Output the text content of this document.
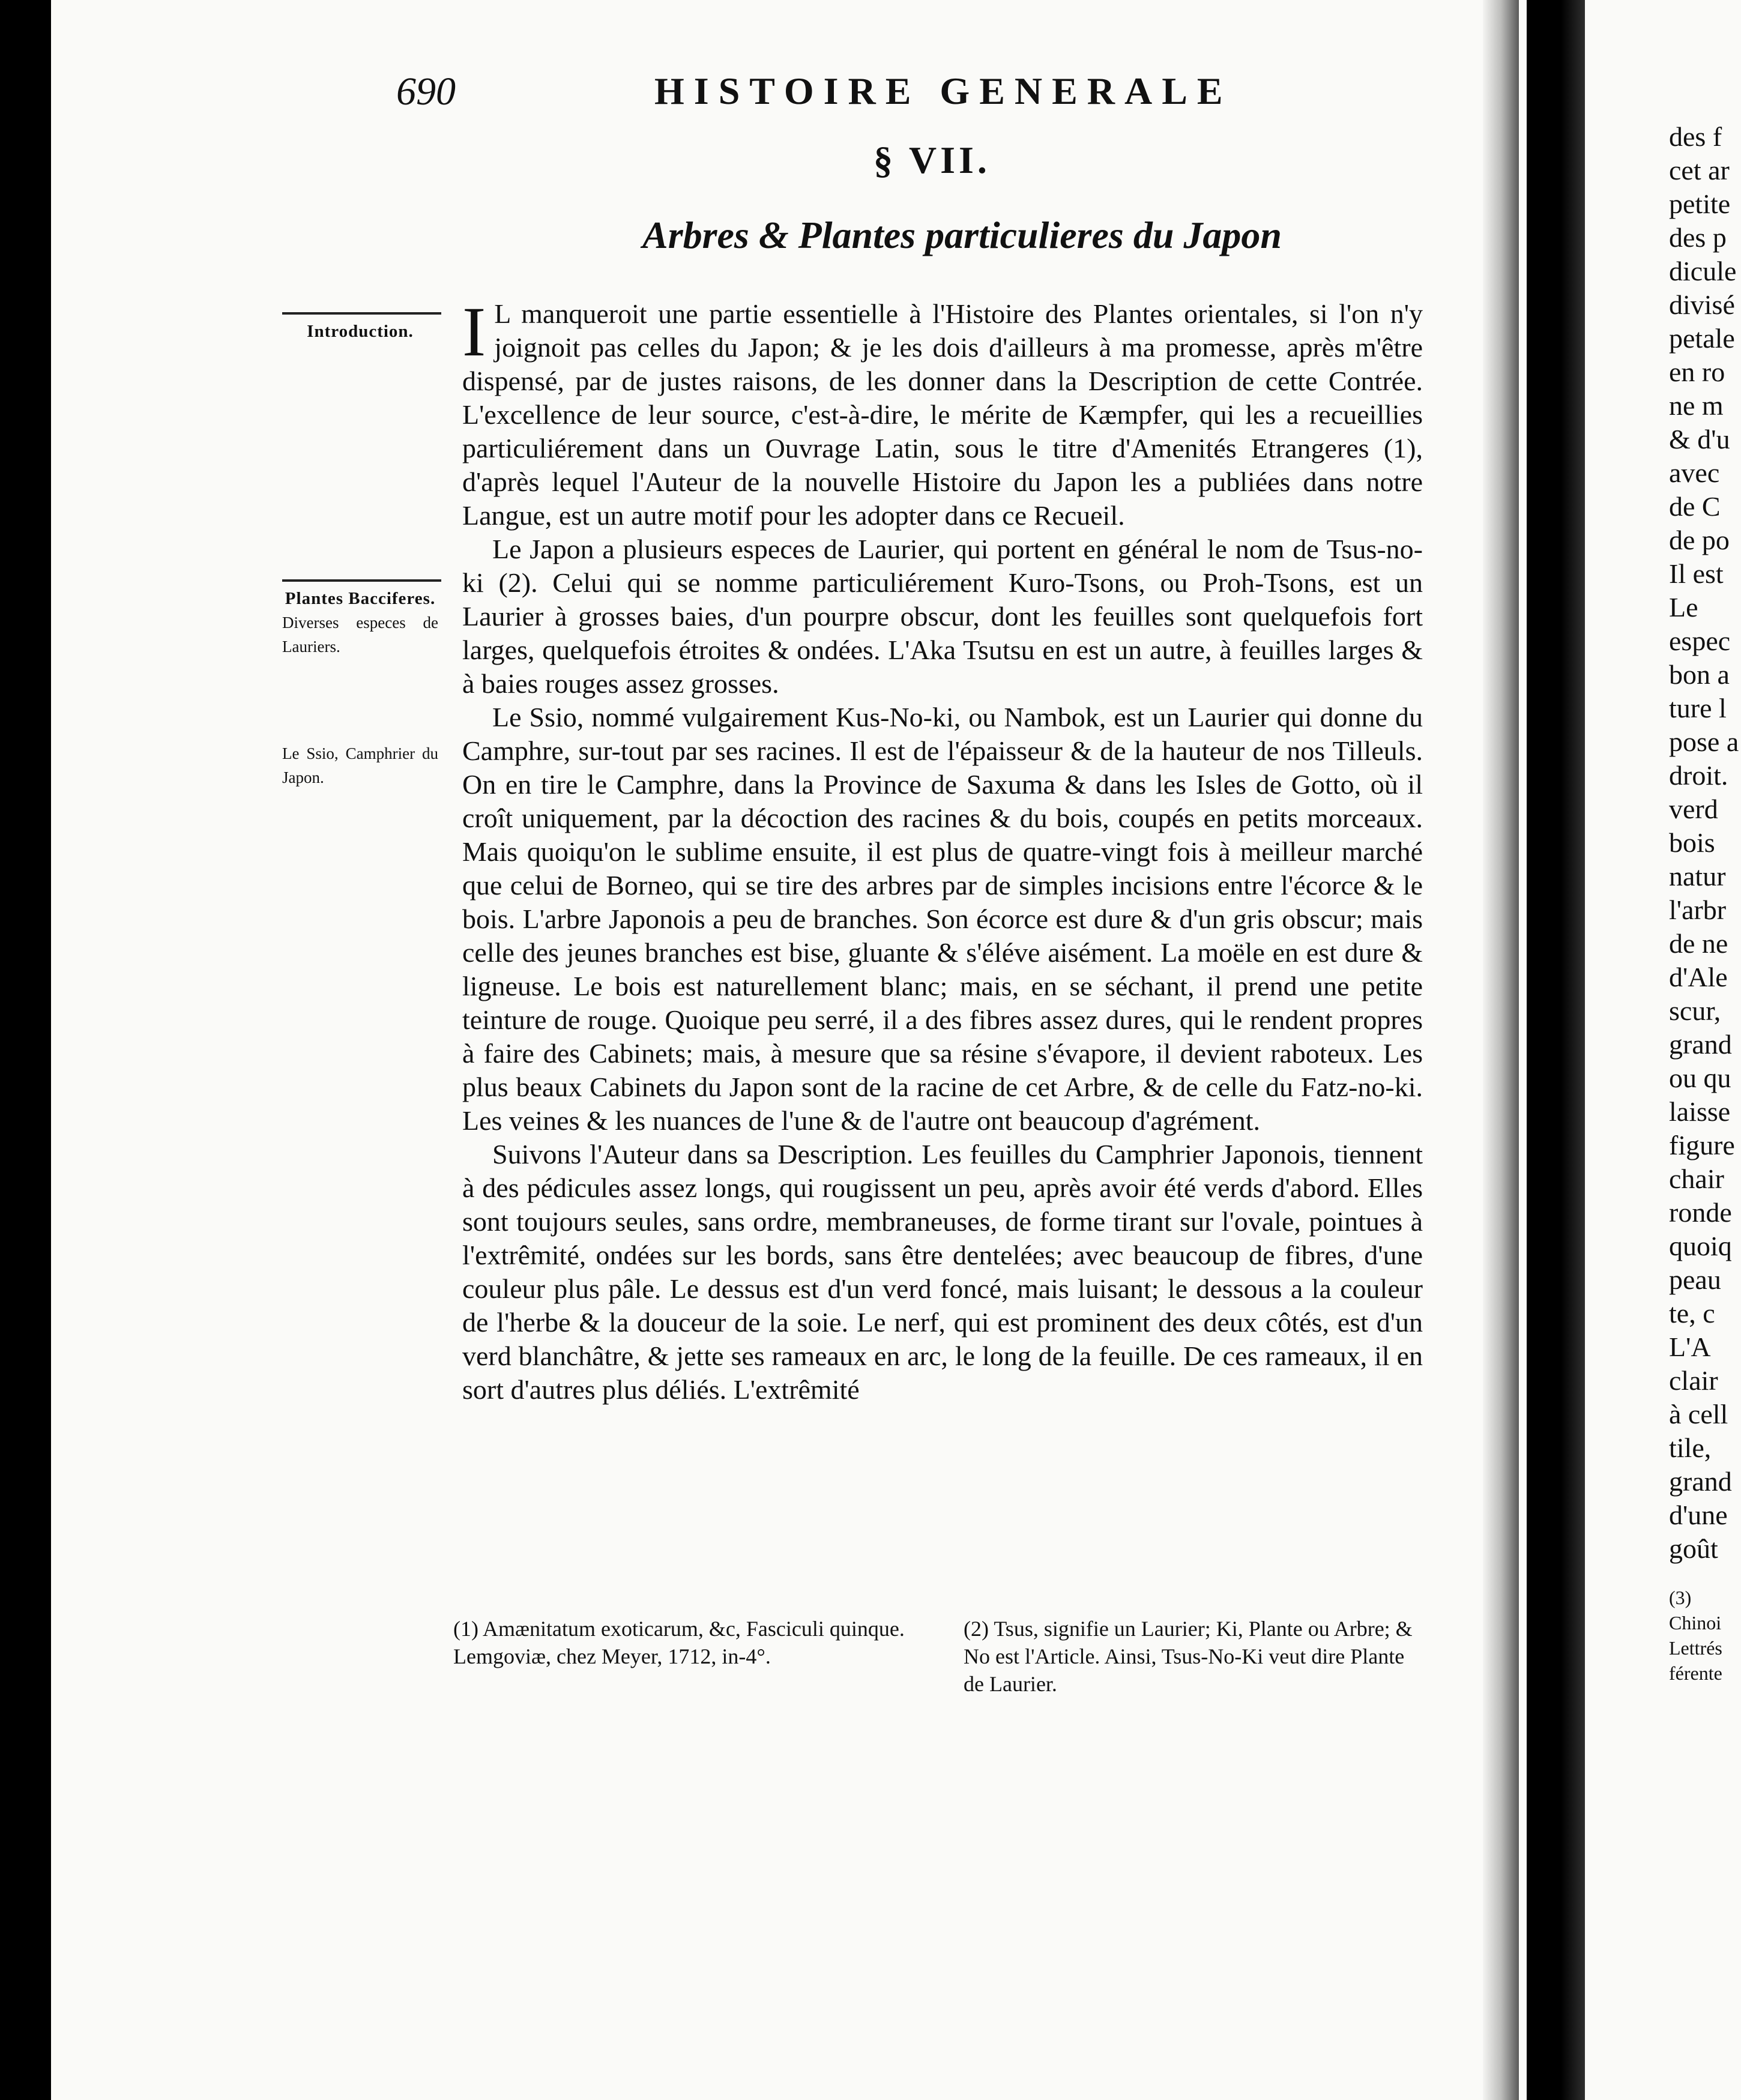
690	HISTOIRE GENERALE
§ VII.
Arbres & Plantes particulieres du Japon
Introduction.
Plantes Bacciferes.
Diverses especes de Lauriers.
Le Ssio, Camphrier du Japon.

I L manqueroit une partie essentielle à l'Histoire des Plantes orientales, si l'on n'y joignoit pas celles du Japon; & je les dois d'ailleurs à ma promesse, après m'être dispensé, par de justes raisons, de les donner dans la Description de cette Contrée. L'excellence de leur source, c'est-à-dire, le mérite de Kæmpfer, qui les a recueillies particuliérement dans un Ouvrage Latin, sous le titre d'Amenités Etrangeres (1), d'après lequel l'Auteur de la nouvelle Histoire du Japon les a publiées dans notre Langue, est un autre motif pour les adopter dans ce Recueil.

Le Japon a plusieurs especes de Laurier, qui portent en général le nom de Tsus-no-ki (2). Celui qui se nomme particuliérement Kuro-Tsons, ou Proh-Tsons, est un Laurier à grosses baies, d'un pourpre obscur, dont les feuilles sont quelquefois fort larges, quelquefois étroites & ondées. L'Aka Tsutsu en est un autre, à feuilles larges & à baies rouges assez grosses.

Le Ssio, nommé vulgairement Kus-No-ki, ou Nambok, est un Laurier qui donne du Camphre, sur-tout par ses racines. Il est de l'épaisseur & de la hauteur de nos Tilleuls. On en tire le Camphre, dans la Province de Saxuma & dans les Isles de Gotto, où il croît uniquement, par la décoction des racines & du bois, coupés en petits morceaux. Mais quoiqu'on le sublime ensuite, il est plus de quatre-vingt fois à meilleur marché que celui de Borneo, qui se tire des arbres par de simples incisions entre l'écorce & le bois. L'arbre Japonois a peu de branches. Son écorce est dure & d'un gris obscur; mais celle des jeunes branches est bise, gluante & s'éléve aisément. La moële en est dure & ligneuse. Le bois est naturellement blanc; mais, en se séchant, il prend une petite teinture de rouge. Quoique peu serré, il a des fibres assez dures, qui le rendent propres à faire des Cabinets; mais, à mesure que sa résine s'évapore, il devient raboteux. Les plus beaux Cabinets du Japon sont de la racine de cet Arbre, & de celle du Fatz-no-ki. Les veines & les nuances de l'une & de l'autre ont beaucoup d'agrément.

Suivons l'Auteur dans sa Description. Les feuilles du Camphrier Japonois, tiennent à des pédicules assez longs, qui rougissent un peu, après avoir été verds d'abord. Elles sont toujours seules, sans ordre, membraneuses, de forme tirant sur l'ovale, pointues à l'extrêmité, ondées sur les bords, sans être dentelées; avec beaucoup de fibres, d'une couleur plus pâle. Le dessus est d'un verd foncé, mais luisant; le dessous a la couleur de l'herbe & la douceur de la soie. Le nerf, qui est prominent des deux côtés, est d'un verd blanchâtre, & jette ses rameaux en arc, le long de la feuille. De ces rameaux, il en sort d'autres plus déliés. L'extrêmité

(1) Amænitatum exoticarum, &c, Fasciculi quinque. Lemgoviæ, chez Meyer, 1712, in-4°.
(2) Tsus, signifie un Laurier; Ki, Plante ou Arbre; & No est l'Article. Ainsi, Tsus-No-Ki veut dire Plante de Laurier.
des f
cet ar
petite
des p
dicule
divisé
petale
en ro
ne m
& d'u
avec
de C
de po
Il est
Le
espec
bon a
ture l
pose a
droit.
verd
bois
natur
l'arbr
de ne
d'Ale
scur,
grand
ou qu
laisse
figure
chair
ronde
quoiq
peau
te, c
L'A
clair
à cell
tile,
grand
d'une
goût
(3)
Chinoi
Lettrés
férente
